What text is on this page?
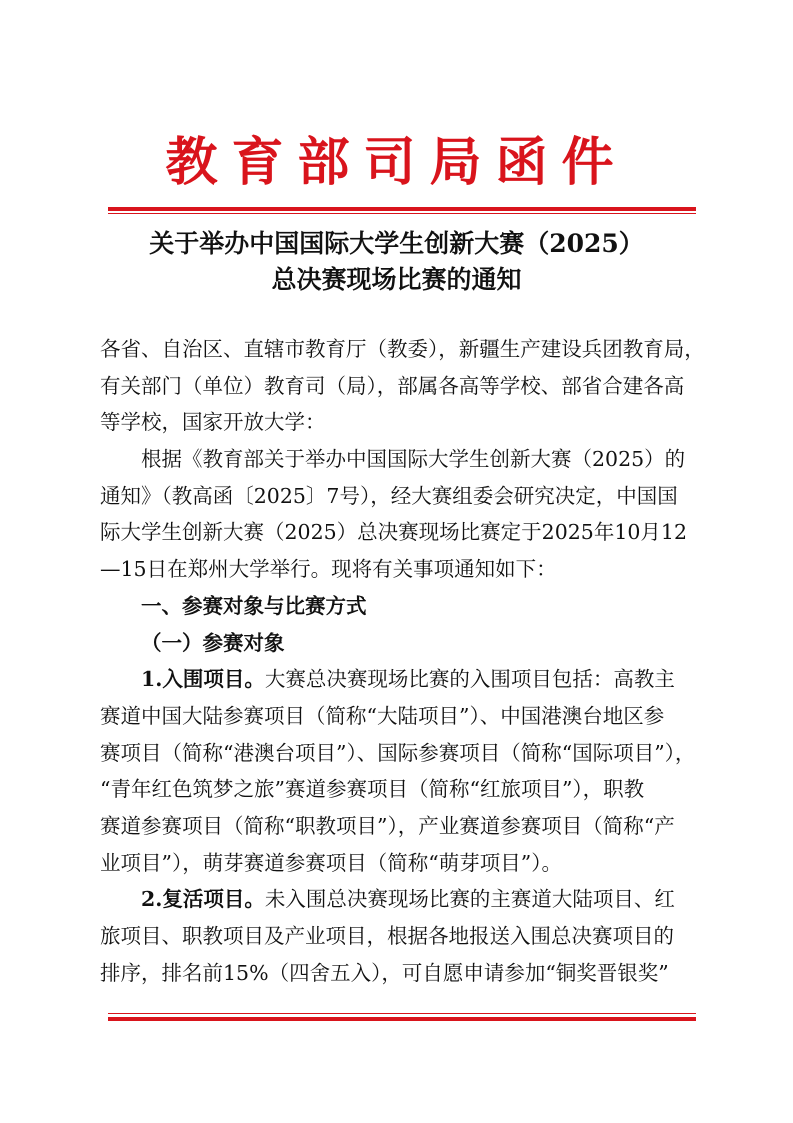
教育部司局函件
关于举办中国国际大学生创新大赛（2025）
总决赛现场比赛的通知
各省、自治区、直辖市教育厅（教委），新疆生产建设兵团教育局，
有关部门（单位）教育司（局），部属各高等学校、部省合建各高
等学校，国家开放大学：
根据《教育部关于举办中国国际大学生创新大赛（2025）的
通知》（教高函〔2025〕7号），经大赛组委会研究决定，中国国
际大学生创新大赛（2025）总决赛现场比赛定于2025年10月12
—15日在郑州大学举行。现将有关事项通知如下：
一、参赛对象与比赛方式
（一）参赛对象
1.入围项目。大赛总决赛现场比赛的入围项目包括：高教主
赛道中国大陆参赛项目（简称“大陆项目”）、中国港澳台地区参
赛项目（简称“港澳台项目”）、国际参赛项目（简称“国际项目”），
“青年红色筑梦之旅”赛道参赛项目（简称“红旅项目”），职教
赛道参赛项目（简称“职教项目”），产业赛道参赛项目（简称“产
业项目”），萌芽赛道参赛项目（简称“萌芽项目”）。
2.复活项目。未入围总决赛现场比赛的主赛道大陆项目、红
旅项目、职教项目及产业项目，根据各地报送入围总决赛项目的
排序，排名前15%（四舍五入），可自愿申请参加“铜奖晋银奖”
